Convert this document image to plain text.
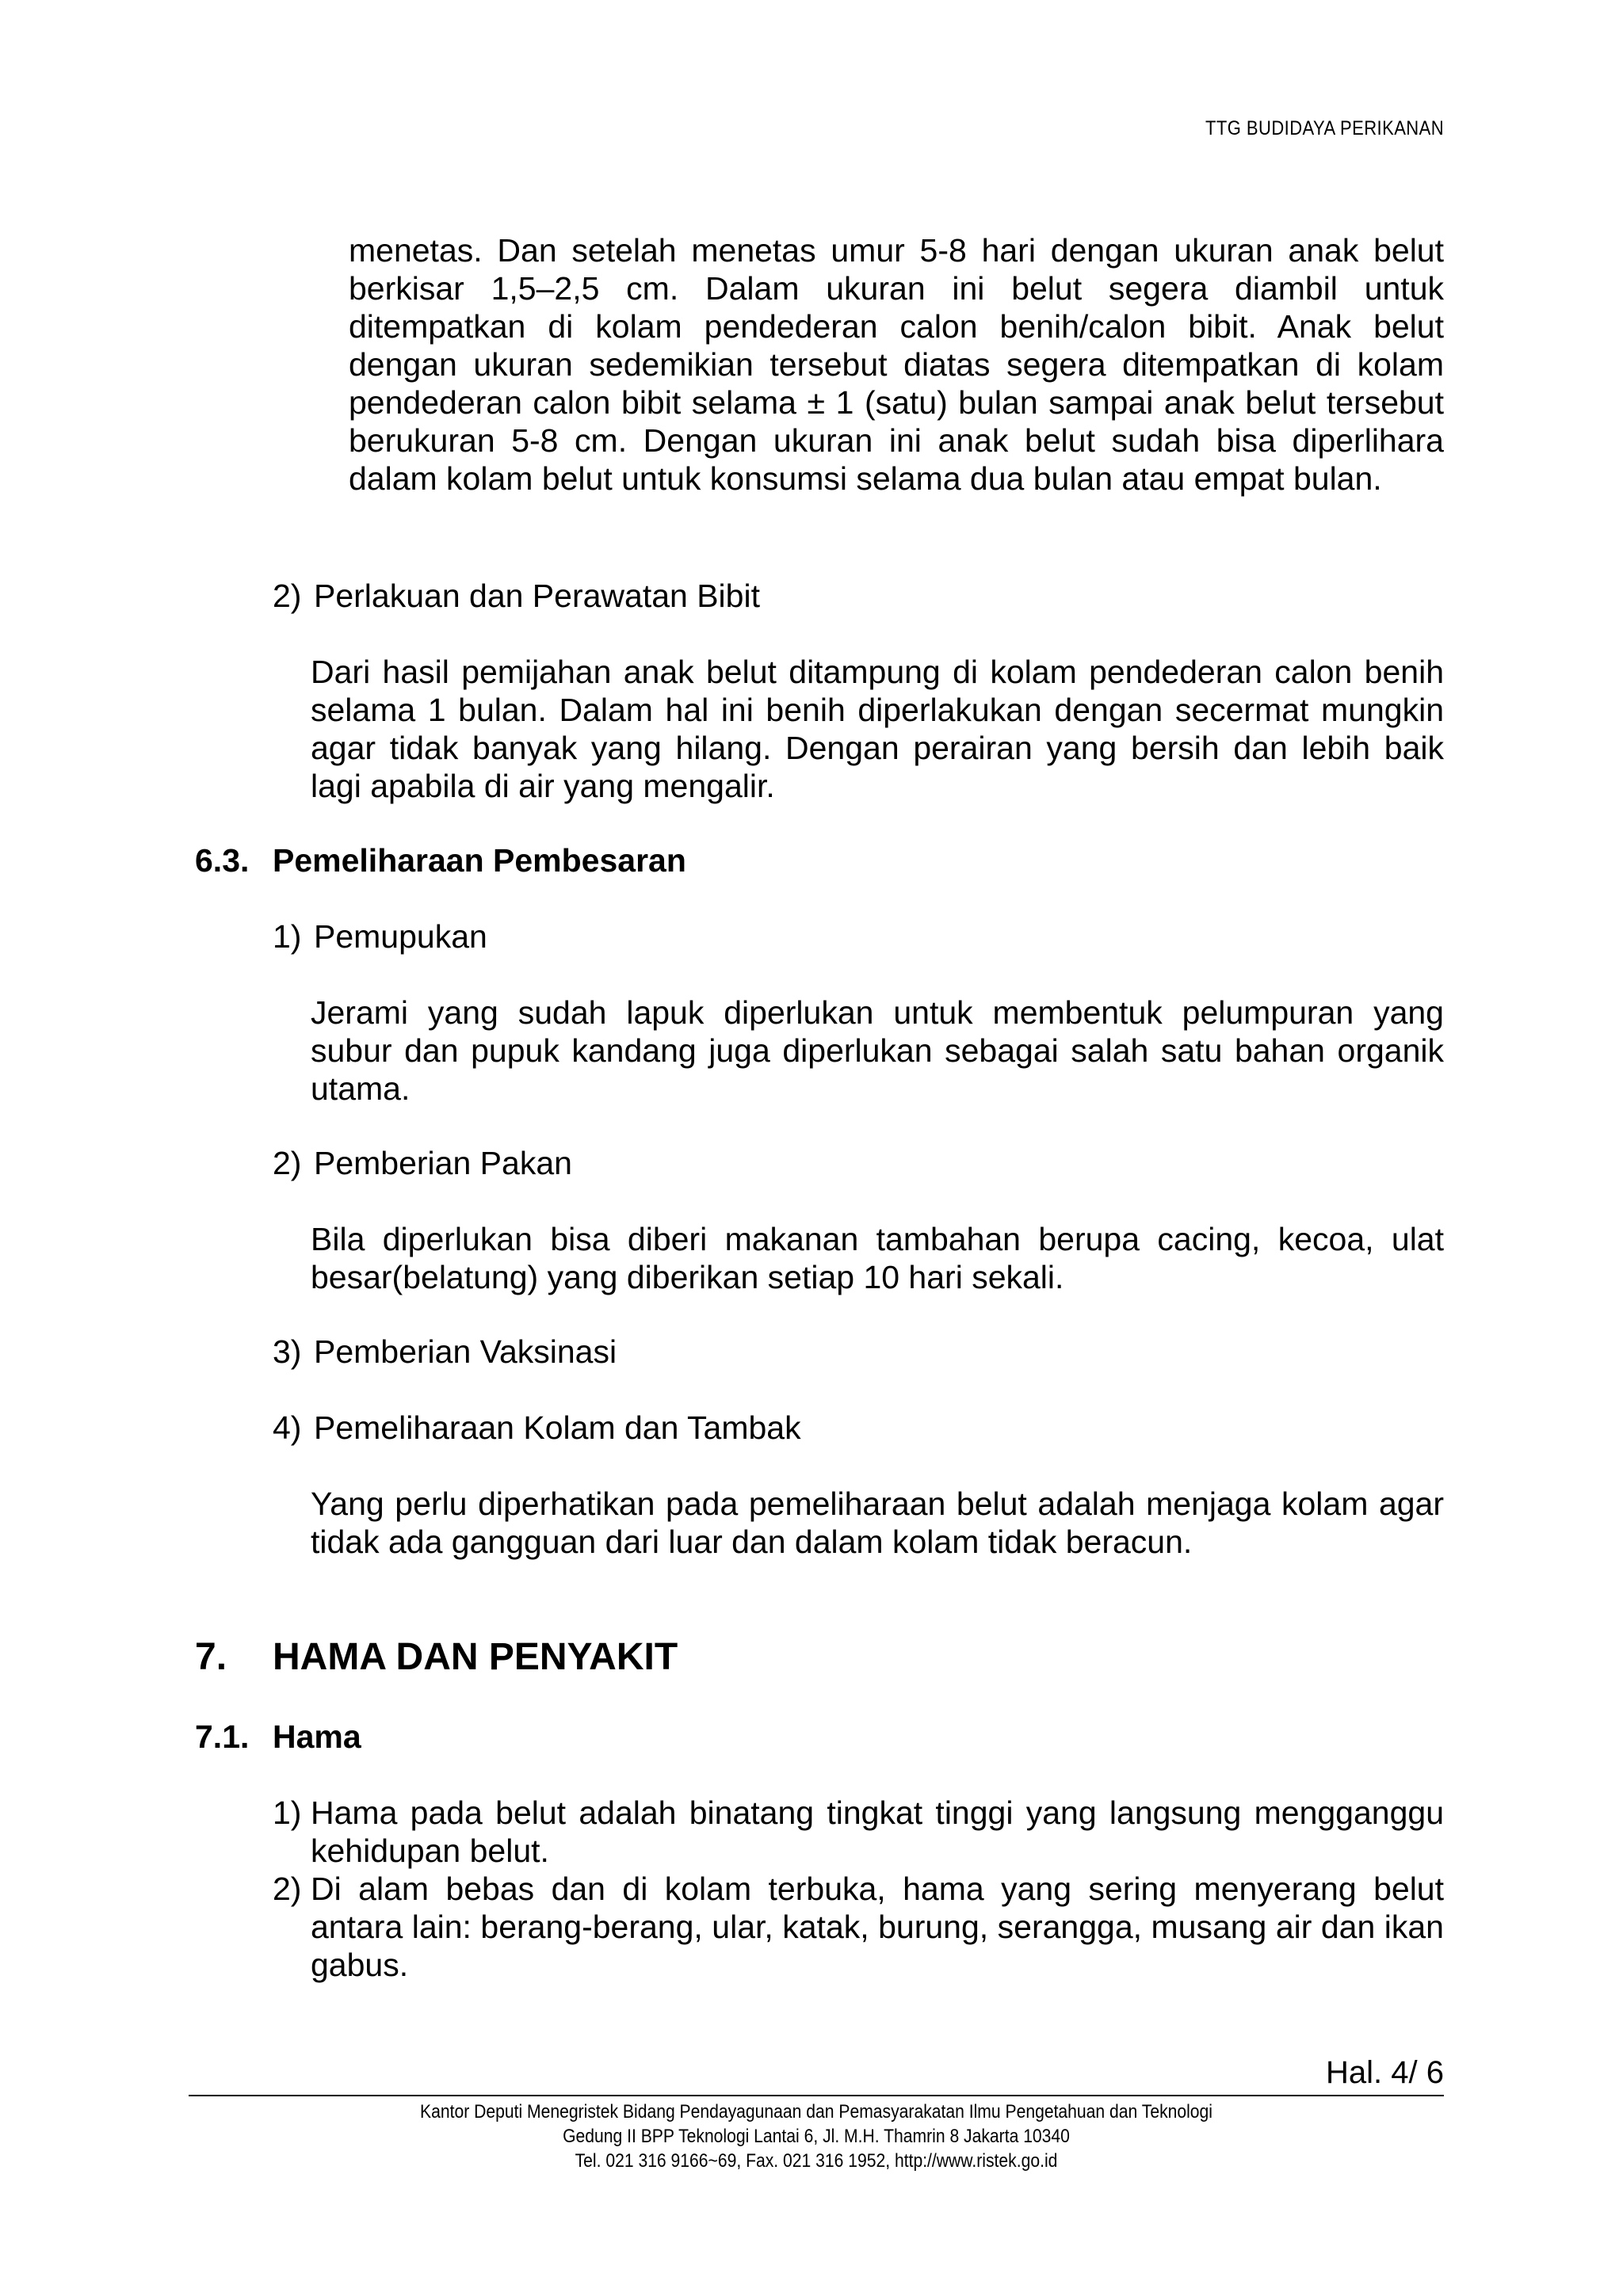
TTG BUDIDAYA PERIKANAN

menetas. Dan setelah menetas umur 5-8 hari dengan ukuran anak belut berkisar 1,5–2,5 cm. Dalam ukuran ini belut segera diambil untuk ditempatkan di kolam pendederan calon benih/calon bibit. Anak belut dengan ukuran sedemikian tersebut diatas segera ditempatkan di kolam pendederan calon bibit selama ± 1 (satu) bulan sampai anak belut tersebut berukuran 5-8 cm. Dengan ukuran ini anak belut sudah bisa diperlihara dalam kolam belut untuk konsumsi selama dua bulan atau empat bulan.

2) Perlakuan dan Perawatan Bibit

Dari hasil pemijahan anak belut ditampung di kolam pendederan calon benih selama 1 bulan. Dalam hal ini benih diperlakukan dengan secermat mungkin agar tidak banyak yang hilang. Dengan perairan yang bersih dan lebih baik lagi apabila di air yang mengalir.

6.3. Pemeliharaan Pembesaran
1) Pemupukan

Jerami yang sudah lapuk diperlukan untuk membentuk pelumpuran yang subur dan pupuk kandang juga diperlukan sebagai salah satu bahan organik utama.

2) Pemberian Pakan

Bila diperlukan bisa diberi makanan tambahan berupa cacing, kecoa, ulat besar(belatung) yang diberikan setiap 10 hari sekali.

3) Pemberian Vaksinasi
4) Pemeliharaan Kolam dan Tambak

Yang perlu diperhatikan pada pemeliharaan belut adalah menjaga kolam agar tidak ada gangguan dari luar dan dalam kolam tidak beracun.

7. HAMA DAN PENYAKIT
7.1. Hama
1) Hama pada belut adalah binatang tingkat tinggi yang langsung mengganggu kehidupan belut.
2) Di alam bebas dan di kolam terbuka, hama yang sering menyerang belut antara lain: berang-berang, ular, katak, burung, serangga, musang air dan ikan gabus.
Hal. 4/ 6
Kantor Deputi Menegristek Bidang Pendayagunaan dan Pemasyarakatan Ilmu Pengetahuan dan Teknologi
Gedung II BPP Teknologi Lantai 6, Jl. M.H. Thamrin 8 Jakarta 10340
Tel. 021 316 9166~69, Fax. 021 316 1952, http://www.ristek.go.id
